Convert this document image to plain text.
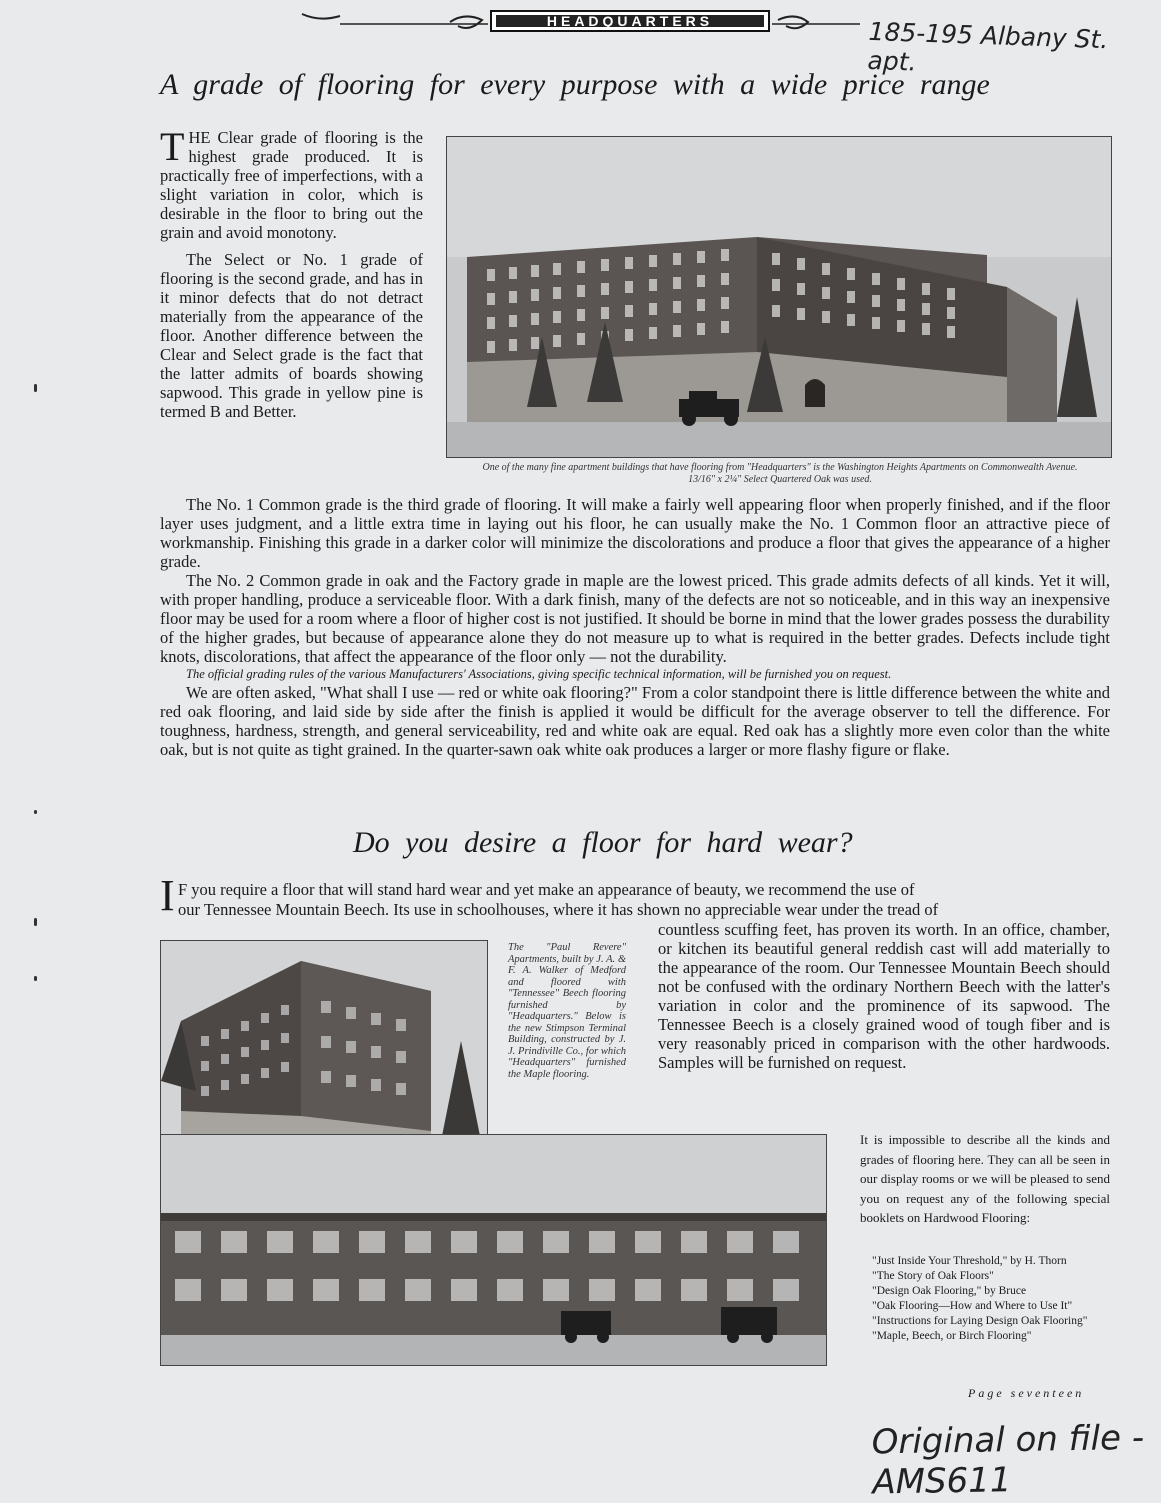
HEADQUARTERS	185-195 Albany St. apt.
A grade of flooring for every purpose with a wide price range

THE Clear grade of flooring is the highest grade produced. It is practically free of imperfections, with a slight variation in color, which is desirable in the floor to bring out the grain and avoid monotony.

The Select or No. 1 grade of flooring is the second grade, and has in it minor defects that do not detract materially from the appearance of the floor. Another difference between the Clear and Select grade is the fact that the latter admits of boards showing sapwood. This grade in yellow pine is termed B and Better.

One of the many fine apartment buildings that have flooring from "Headquarters" is the Washington Heights Apartments on Commonwealth Avenue. 13/16" x 2¼" Select Quartered Oak was used.

The No. 1 Common grade is the third grade of flooring. It will make a fairly well appearing floor when properly finished, and if the floor layer uses judgment, and a little extra time in laying out his floor, he can usually make the No. 1 Common floor an attractive piece of workmanship. Finishing this grade in a darker color will minimize the discolorations and produce a floor that gives the appearance of a higher grade.

The No. 2 Common grade in oak and the Factory grade in maple are the lowest priced. This grade admits defects of all kinds. Yet it will, with proper handling, produce a serviceable floor. With a dark finish, many of the defects are not so noticeable, and in this way an inexpensive floor may be used for a room where a floor of higher cost is not justified. It should be borne in mind that the lower grades possess the durability of the higher grades, but because of appearance alone they do not measure up to what is required in the better grades. Defects include tight knots, discolorations, that affect the appearance of the floor only — not the durability.

The official grading rules of the various Manufacturers' Associations, giving specific technical information, will be furnished you on request.

We are often asked, "What shall I use — red or white oak flooring?" From a color standpoint there is little difference between the white and red oak flooring, and laid side by side after the finish is applied it would be difficult for the average observer to tell the difference. For toughness, hardness, strength, and general serviceability, red and white oak are equal. Red oak has a slightly more even color than the white oak, but is not quite as tight grained. In the quarter-sawn oak white oak produces a larger or more flashy figure or flake.

Do you desire a floor for hard wear?
I F you require a floor that will stand hard wear and yet make an appearance of beauty, we recommend the use of
our Tennessee Mountain Beech. Its use in schoolhouses, where it has shown no appreciable wear under the tread of

countless scuffing feet, has proven its worth. In an office, chamber, or kitchen its beautiful general reddish cast will add materially to the appearance of the room. Our Tennessee Mountain Beech should not be confused with the ordinary Northern Beech with the latter's variation in color and the prominence of its sapwood. The Tennessee Beech is a closely grained wood of tough fiber and is very reasonably priced in comparison with the other hardwoods. Samples will be furnished on request.

The "Paul Revere" Apartments, built by J. A. & F. A. Walker of Medford and floored with "Tennessee" Beech flooring furnished by "Headquarters." Below is the new Stimpson Terminal Building, constructed by J. J. Prindiville Co., for which "Headquarters" furnished the Maple flooring.
It is impossible to describe all the kinds and grades of flooring here. They can all be seen in our display rooms or we will be pleased to send you on request any of the following special booklets on Hardwood Flooring:
"Just Inside Your Threshold," by H. Thorn
"The Story of Oak Floors"
"Design Oak Flooring," by Bruce
"Oak Flooring—How and Where to Use It"
"Instructions for Laying Design Oak Flooring"
"Maple, Beech, or Birch Flooring"
Page seventeen
Original on file - AMS611
